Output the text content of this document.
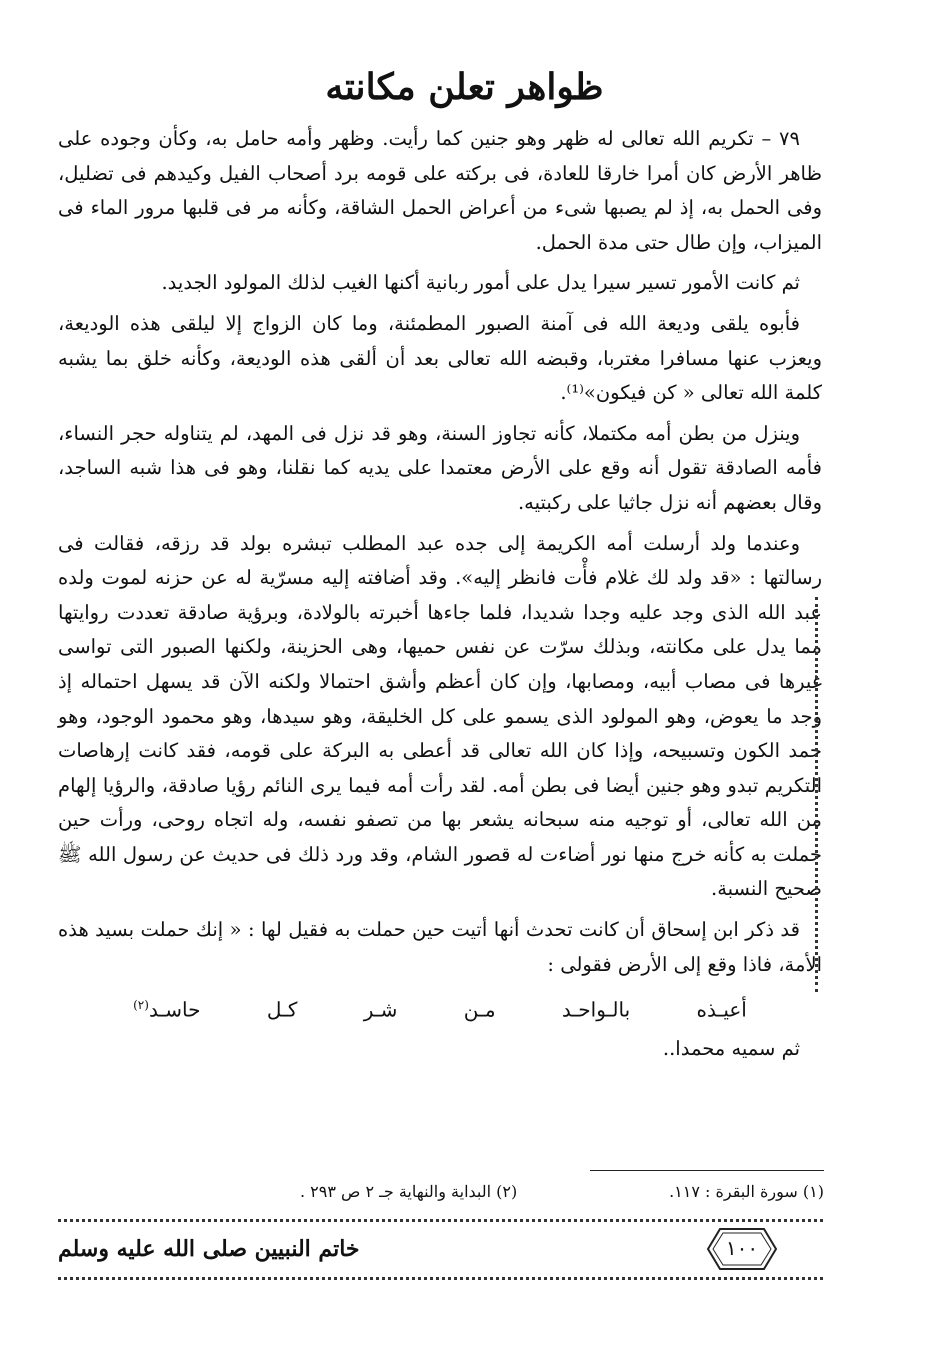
ظواهر تعلن مكانته

٧٩ – تكريم الله تعالى له ظهر وهو جنين كما رأيت. وظهر وأمه حامل به، وكأن وجوده على ظاهر الأرض كان أمرا خارقا للعادة، فى بركته على قومه برد أصحاب الفيل وكيدهم فى تضليل، وفى الحمل به، إذ لم يصبها شىء من أعراض الحمل الشاقة، وكأنه مر فى قلبها مرور الماء فى الميزاب، وإن طال حتى مدة الحمل.

ثم كانت الأمور تسير سيرا يدل على أمور ربانية أكنها الغيب لذلك المولود الجديد.

فأبوه يلقى وديعة الله فى آمنة الصبور المطمئنة، وما كان الزواج إلا ليلقى هذه الوديعة، ويعزب عنها مسافرا مغتربا، وقبضه الله تعالى بعد أن ألقى هذه الوديعة، وكأنه خلق بما يشبه كلمة الله تعالى « كن فيكون»⁽¹⁾.

وينزل من بطن أمه مكتملا، كأنه تجاوز السنة، وهو قد نزل فى المهد، لم يتناوله حجر النساء، فأمه الصادقة تقول أنه وقع على الأرض معتمدا على يديه كما نقلنا، وهو فى هذا شبه الساجد، وقال بعضهم أنه نزل جاثيا على ركبتيه.

وعندما ولد أرسلت أمه الكريمة إلى جده عبد المطلب تبشره بولد قد رزقه، فقالت فى رسالتها : «قد ولد لك غلام فأْت فانظر إليه». وقد أضافته إليه مسرّية له عن حزنه لموت ولده عبد الله الذى وجد عليه وجدا شديدا، فلما جاءها أخبرته بالولادة، وبرؤية صادقة تعددت روايتها مما يدل على مكانته، وبذلك سرّت عن نفس حميها، وهى الحزينة، ولكنها الصبور التى تواسى غيرها فى مصاب أبيه، ومصابها، وإن كان أعظم وأشق احتمالا ولكنه الآن قد يسهل احتماله إذ وجد ما يعوض، وهو المولود الذى يسمو على كل الخليقة، وهو سيدها، وهو محمود الوجود، وهو حمد الكون وتسبيحه، وإذا كان الله تعالى قد أعطى به البركة على قومه، فقد كانت إرهاصات التكريم تبدو وهو جنين أيضا فى بطن أمه. لقد رأت أمه فيما يرى النائم رؤيا صادقة، والرؤيا إلهام من الله تعالى، أو توجيه منه سبحانه يشعر بها من تصفو نفسه، وله اتجاه روحى، ورأت حين حملت به كأنه خرج منها نور أضاءت له قصور الشام، وقد ورد ذلك فى حديث عن رسول الله ﷺ صحيح النسبة.

قد ذكر ابن إسحاق أن كانت تحدث أنها أتيت حين حملت به فقيل لها : « إنك حملت بسيد هذه الأمة، فاذا وقع إلى الأرض فقولى :

أعيـذه بالـواحـد مـن شـر كـل حاسـد$^{(٢)}$

ثم سميه محمدا..

(١) سورة البقرة : ١١٧.
(٢) البداية والنهاية جـ ٢ ص ٢٩٣ .
خاتم النبيين صلى الله عليه وسلم	١٠٠
